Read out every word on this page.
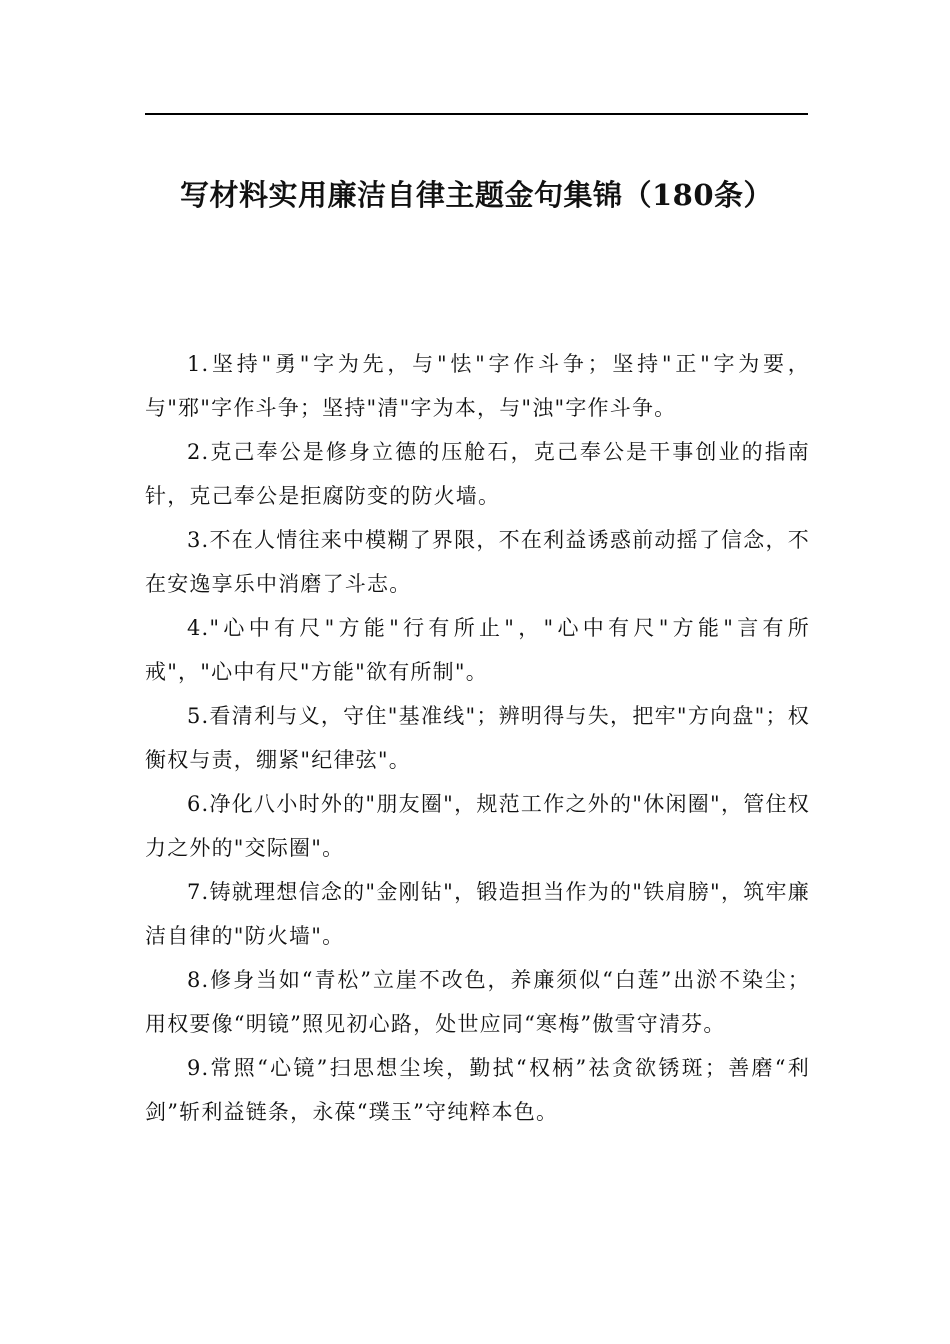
写材料实用廉洁自律主题金句集锦（180条）

1.坚持"勇"字为先，与"怯"字作斗争；坚持"正"字为要，与"邪"字作斗争；坚持"清"字为本，与"浊"字作斗争。

2.克己奉公是修身立德的压舱石，克己奉公是干事创业的指南针，克己奉公是拒腐防变的防火墙。

3.不在人情往来中模糊了界限，不在利益诱惑前动摇了信念，不在安逸享乐中消磨了斗志。

4."心中有尺"方能"行有所止"，"心中有尺"方能"言有所戒"，"心中有尺"方能"欲有所制"。

5.看清利与义，守住"基准线"；辨明得与失，把牢"方向盘"；权衡权与责，绷紧"纪律弦"。

6.净化八小时外的"朋友圈"，规范工作之外的"休闲圈"，管住权力之外的"交际圈"。

7.铸就理想信念的"金刚钻"，锻造担当作为的"铁肩膀"，筑牢廉洁自律的"防火墙"。

8.修身当如“青松”立崖不改色，养廉须似“白莲”出淤不染尘；用权要像“明镜”照见初心路，处世应同“寒梅”傲雪守清芬。

9.常照“心镜”扫思想尘埃，勤拭“权柄”祛贪欲锈斑；善磨“利剑”斩利益链条，永葆“璞玉”守纯粹本色。
